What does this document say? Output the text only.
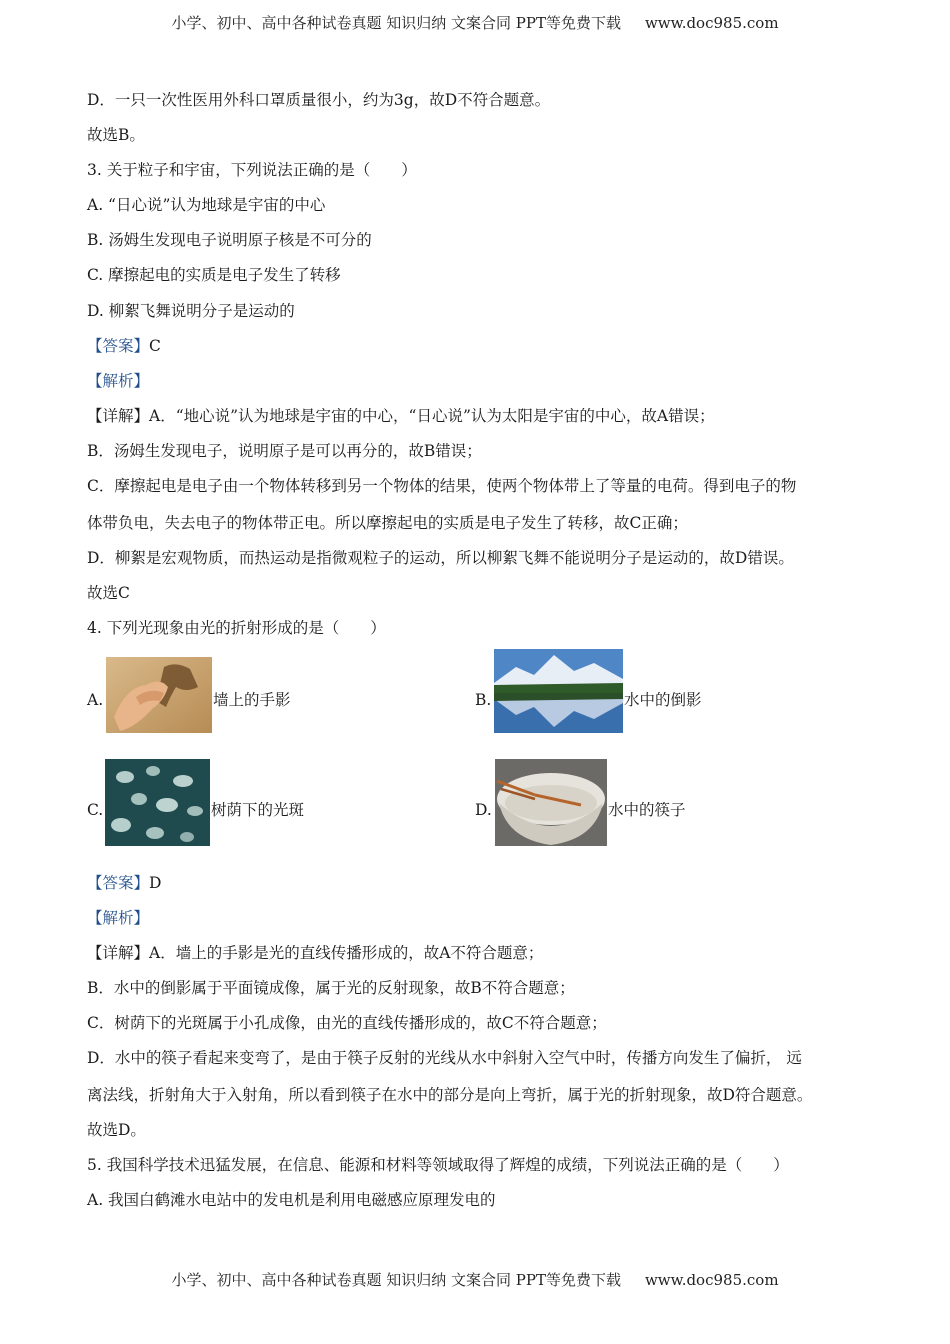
小学、初中、高中各种试卷真题 知识归纳 文案合同 PPT等免费下载 www.doc985.com
D．一只一次性医用外科口罩质量很小，约为3g，故D不符合题意。
故选B。
3. 关于粒子和宇宙，下列说法正确的是（　　）
A. “日心说”认为地球是宇宙的中心
B. 汤姆生发现电子说明原子核是不可分的
C. 摩擦起电的实质是电子发生了转移
D. 柳絮飞舞说明分子是运动的
【答案】C
【解析】
【详解】A．“地心说”认为地球是宇宙的中心，“日心说”认为太阳是宇宙的中心，故A错误；
B．汤姆生发现电子，说明原子是可以再分的，故B错误；
C．摩擦起电是电子由一个物体转移到另一个物体的结果，使两个物体带上了等量的电荷。得到电子的物
体带负电，失去电子的物体带正电。所以摩擦起电的实质是电子发生了转移，故C正确；
D．柳絮是宏观物质，而热运动是指微观粒子的运动，所以柳絮飞舞不能说明分子是运动的，故D错误。
故选C
4. 下列光现象由光的折射形成的是（　　）
A.	墙上的手影	B.	水中的倒影
C.	树荫下的光斑	D.	水中的筷子
【答案】D
【解析】
【详解】A．墙上的手影是光的直线传播形成的，故A不符合题意；
B．水中的倒影属于平面镜成像，属于光的反射现象，故B不符合题意；
C．树荫下的光斑属于小孔成像，由光的直线传播形成的，故C不符合题意；
D．水中的筷子看起来变弯了，是由于筷子反射的光线从水中斜射入空气中时，传播方向发生了偏折， 远
离法线，折射角大于入射角，所以看到筷子在水中的部分是向上弯折，属于光的折射现象，故D符合题意。
故选D。
5. 我国科学技术迅猛发展，在信息、能源和材料等领域取得了辉煌的成绩，下列说法正确的是（　　）
A. 我国白鹤滩水电站中的发电机是利用电磁感应原理发电的
小学、初中、高中各种试卷真题 知识归纳 文案合同 PPT等免费下载 www.doc985.com
